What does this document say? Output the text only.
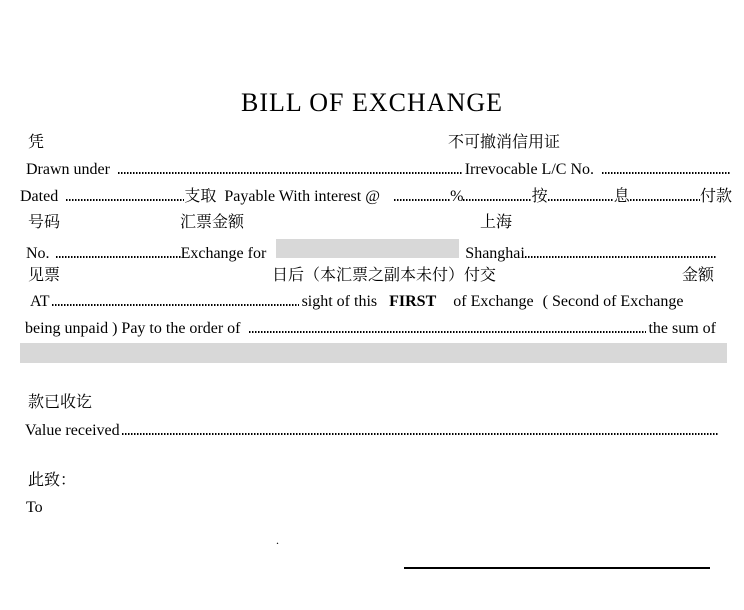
BILL OF EXCHANGE
凭	不可撤消信用证
Drawn under	Irrevocable L/C No.
Dated	支取 Payable With interest @	%	按	息	付款
号码	汇票金额	上海
No.	Exchange for	Shanghai
见票	日后（本汇票之副本未付）付交	金额
AT	sight of this FIRST of Exchange ( Second of Exchange
being unpaid ) Pay to the order of	the sum of
款已收讫
Value received
此致：
To
.
